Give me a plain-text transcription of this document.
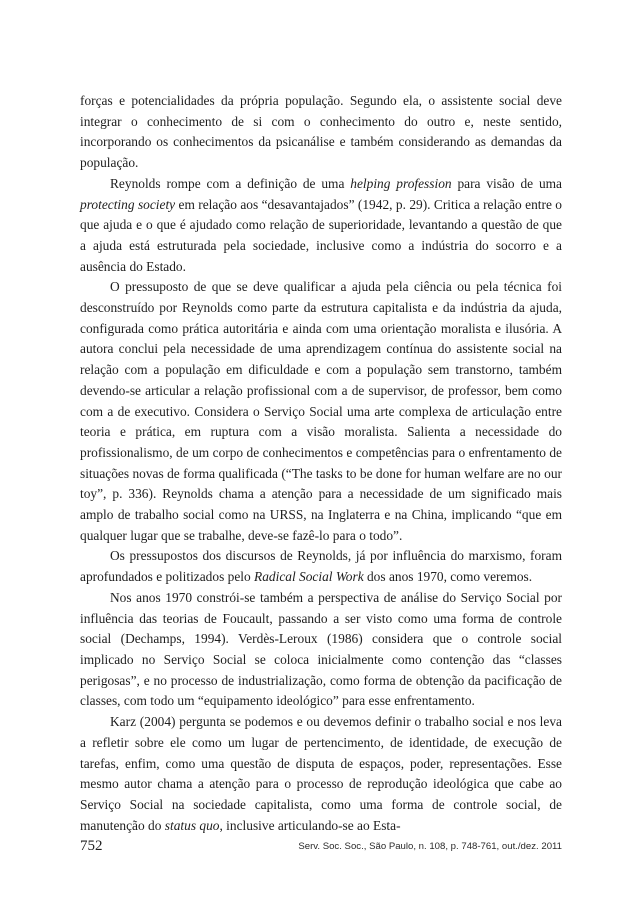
forças e potencialidades da própria população. Segundo ela, o assistente social deve integrar o conhecimento de si com o conhecimento do outro e, neste sentido, incorporando os conhecimentos da psicanálise e também considerando as demandas da população.

Reynolds rompe com a definição de uma helping profession para visão de uma protecting society em relação aos “desavantajados” (1942, p. 29). Critica a relação entre o que ajuda e o que é ajudado como relação de superioridade, levantando a questão de que a ajuda está estruturada pela sociedade, inclusive como a indústria do socorro e a ausência do Estado.

O pressuposto de que se deve qualificar a ajuda pela ciência ou pela técnica foi desconstruído por Reynolds como parte da estrutura capitalista e da indústria da ajuda, configurada como prática autoritária e ainda com uma orientação moralista e ilusória. A autora conclui pela necessidade de uma aprendizagem contínua do assistente social na relação com a população em dificuldade e com a população sem transtorno, também devendo-se articular a relação profissional com a de supervisor, de professor, bem como com a de executivo. Considera o Serviço Social uma arte complexa de articulação entre teoria e prática, em ruptura com a visão moralista. Salienta a necessidade do profissionalismo, de um corpo de conhecimentos e competências para o enfrentamento de situações novas de forma qualificada (“The tasks to be done for human welfare are no our toy”, p. 336). Reynolds chama a atenção para a necessidade de um significado mais amplo de trabalho social como na URSS, na Inglaterra e na China, implicando “que em qualquer lugar que se trabalhe, deve-se fazê-lo para o todo”.

Os pressupostos dos discursos de Reynolds, já por influência do marxismo, foram aprofundados e politizados pelo Radical Social Work dos anos 1970, como veremos.

Nos anos 1970 constrói-se também a perspectiva de análise do Serviço Social por influência das teorias de Foucault, passando a ser visto como uma forma de controle social (Dechamps, 1994). Verdès-Leroux (1986) considera que o controle social implicado no Serviço Social se coloca inicialmente como contenção das “classes perigosas”, e no processo de industrialização, como forma de obtenção da pacificação de classes, com todo um “equipamento ideológico” para esse enfrentamento.

Karz (2004) pergunta se podemos e ou devemos definir o trabalho social e nos leva a refletir sobre ele como um lugar de pertencimento, de identidade, de execução de tarefas, enfim, como uma questão de disputa de espaços, poder, representações. Esse mesmo autor chama a atenção para o processo de reprodução ideológica que cabe ao Serviço Social na sociedade capitalista, como uma forma de controle social, de manutenção do status quo, inclusive articulando-se ao Esta-

752	Serv. Soc. Soc., São Paulo, n. 108, p. 748-761, out./dez. 2011
